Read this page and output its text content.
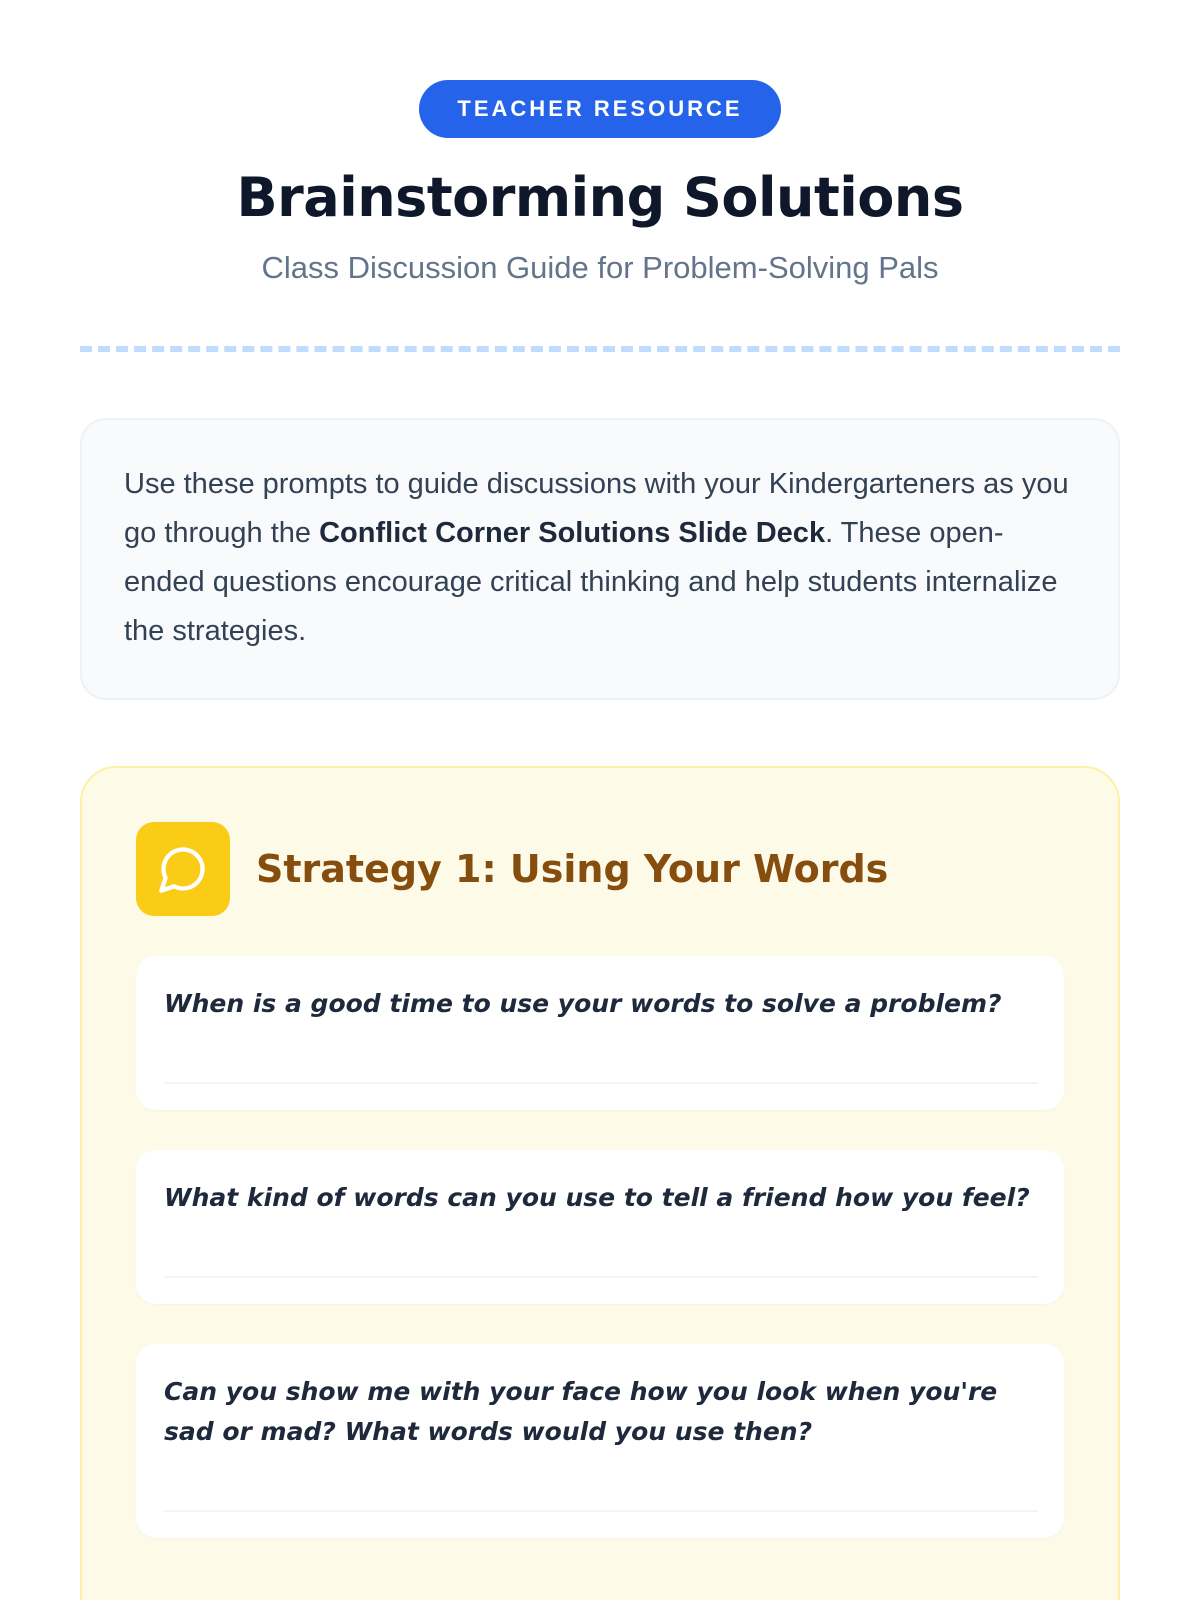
TEACHER RESOURCE
Brainstorming Solutions
Class Discussion Guide for Problem-Solving Pals
Use these prompts to guide discussions with your Kindergarteners as you go through the Conflict Corner Solutions Slide Deck. These open-ended questions encourage critical thinking and help students internalize the strategies.
Strategy 1: Using Your Words
When is a good time to use your words to solve a problem?
What kind of words can you use to tell a friend how you feel?
Can you show me with your face how you look when you're sad or mad? What words would you use then?
